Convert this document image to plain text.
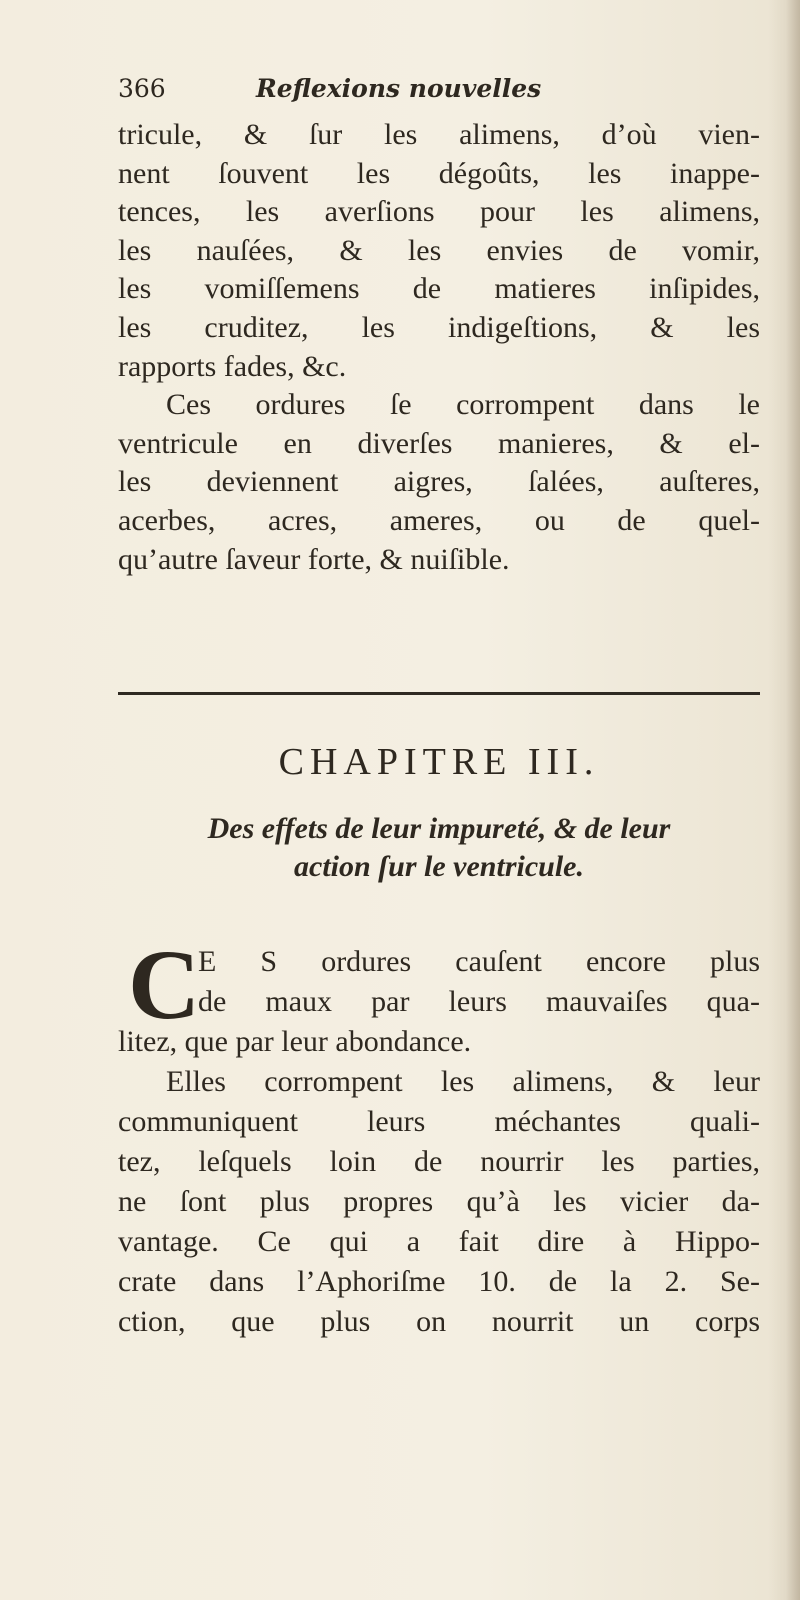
366	Reflexions nouvelles
tricule, & ſur les alimens, d’où vien-
nent ſouvent les dégoûts, les inappe-
tences, les averſions pour les alimens,
les nauſées, & les envies de vomir,
les vomiſſemens de matieres inſipides,
les cruditez, les indigeſtions, & les
rapports fades, &c.
Ces ordures ſe corrompent dans le
ventricule en diverſes manieres, & el-
les deviennent aigres, ſalées, auſteres,
acerbes, acres, ameres, ou de quel-
qu’autre ſaveur forte, & nuiſible.
CHAPITRE III.
Des effets de leur impureté, & de leur
action ſur le ventricule.
C
E S ordures cauſent encore plus
de maux par leurs mauvaiſes qua-
litez, que par leur abondance.
Elles corrompent les alimens, & leur
communiquent leurs méchantes quali-
tez, leſquels loin de nourrir les parties,
ne ſont plus propres qu’à les vicier da-
vantage. Ce qui a fait dire à Hippo-
crate dans l’Aphoriſme 10. de la 2. Se-
ction, que plus on nourrit un corps
